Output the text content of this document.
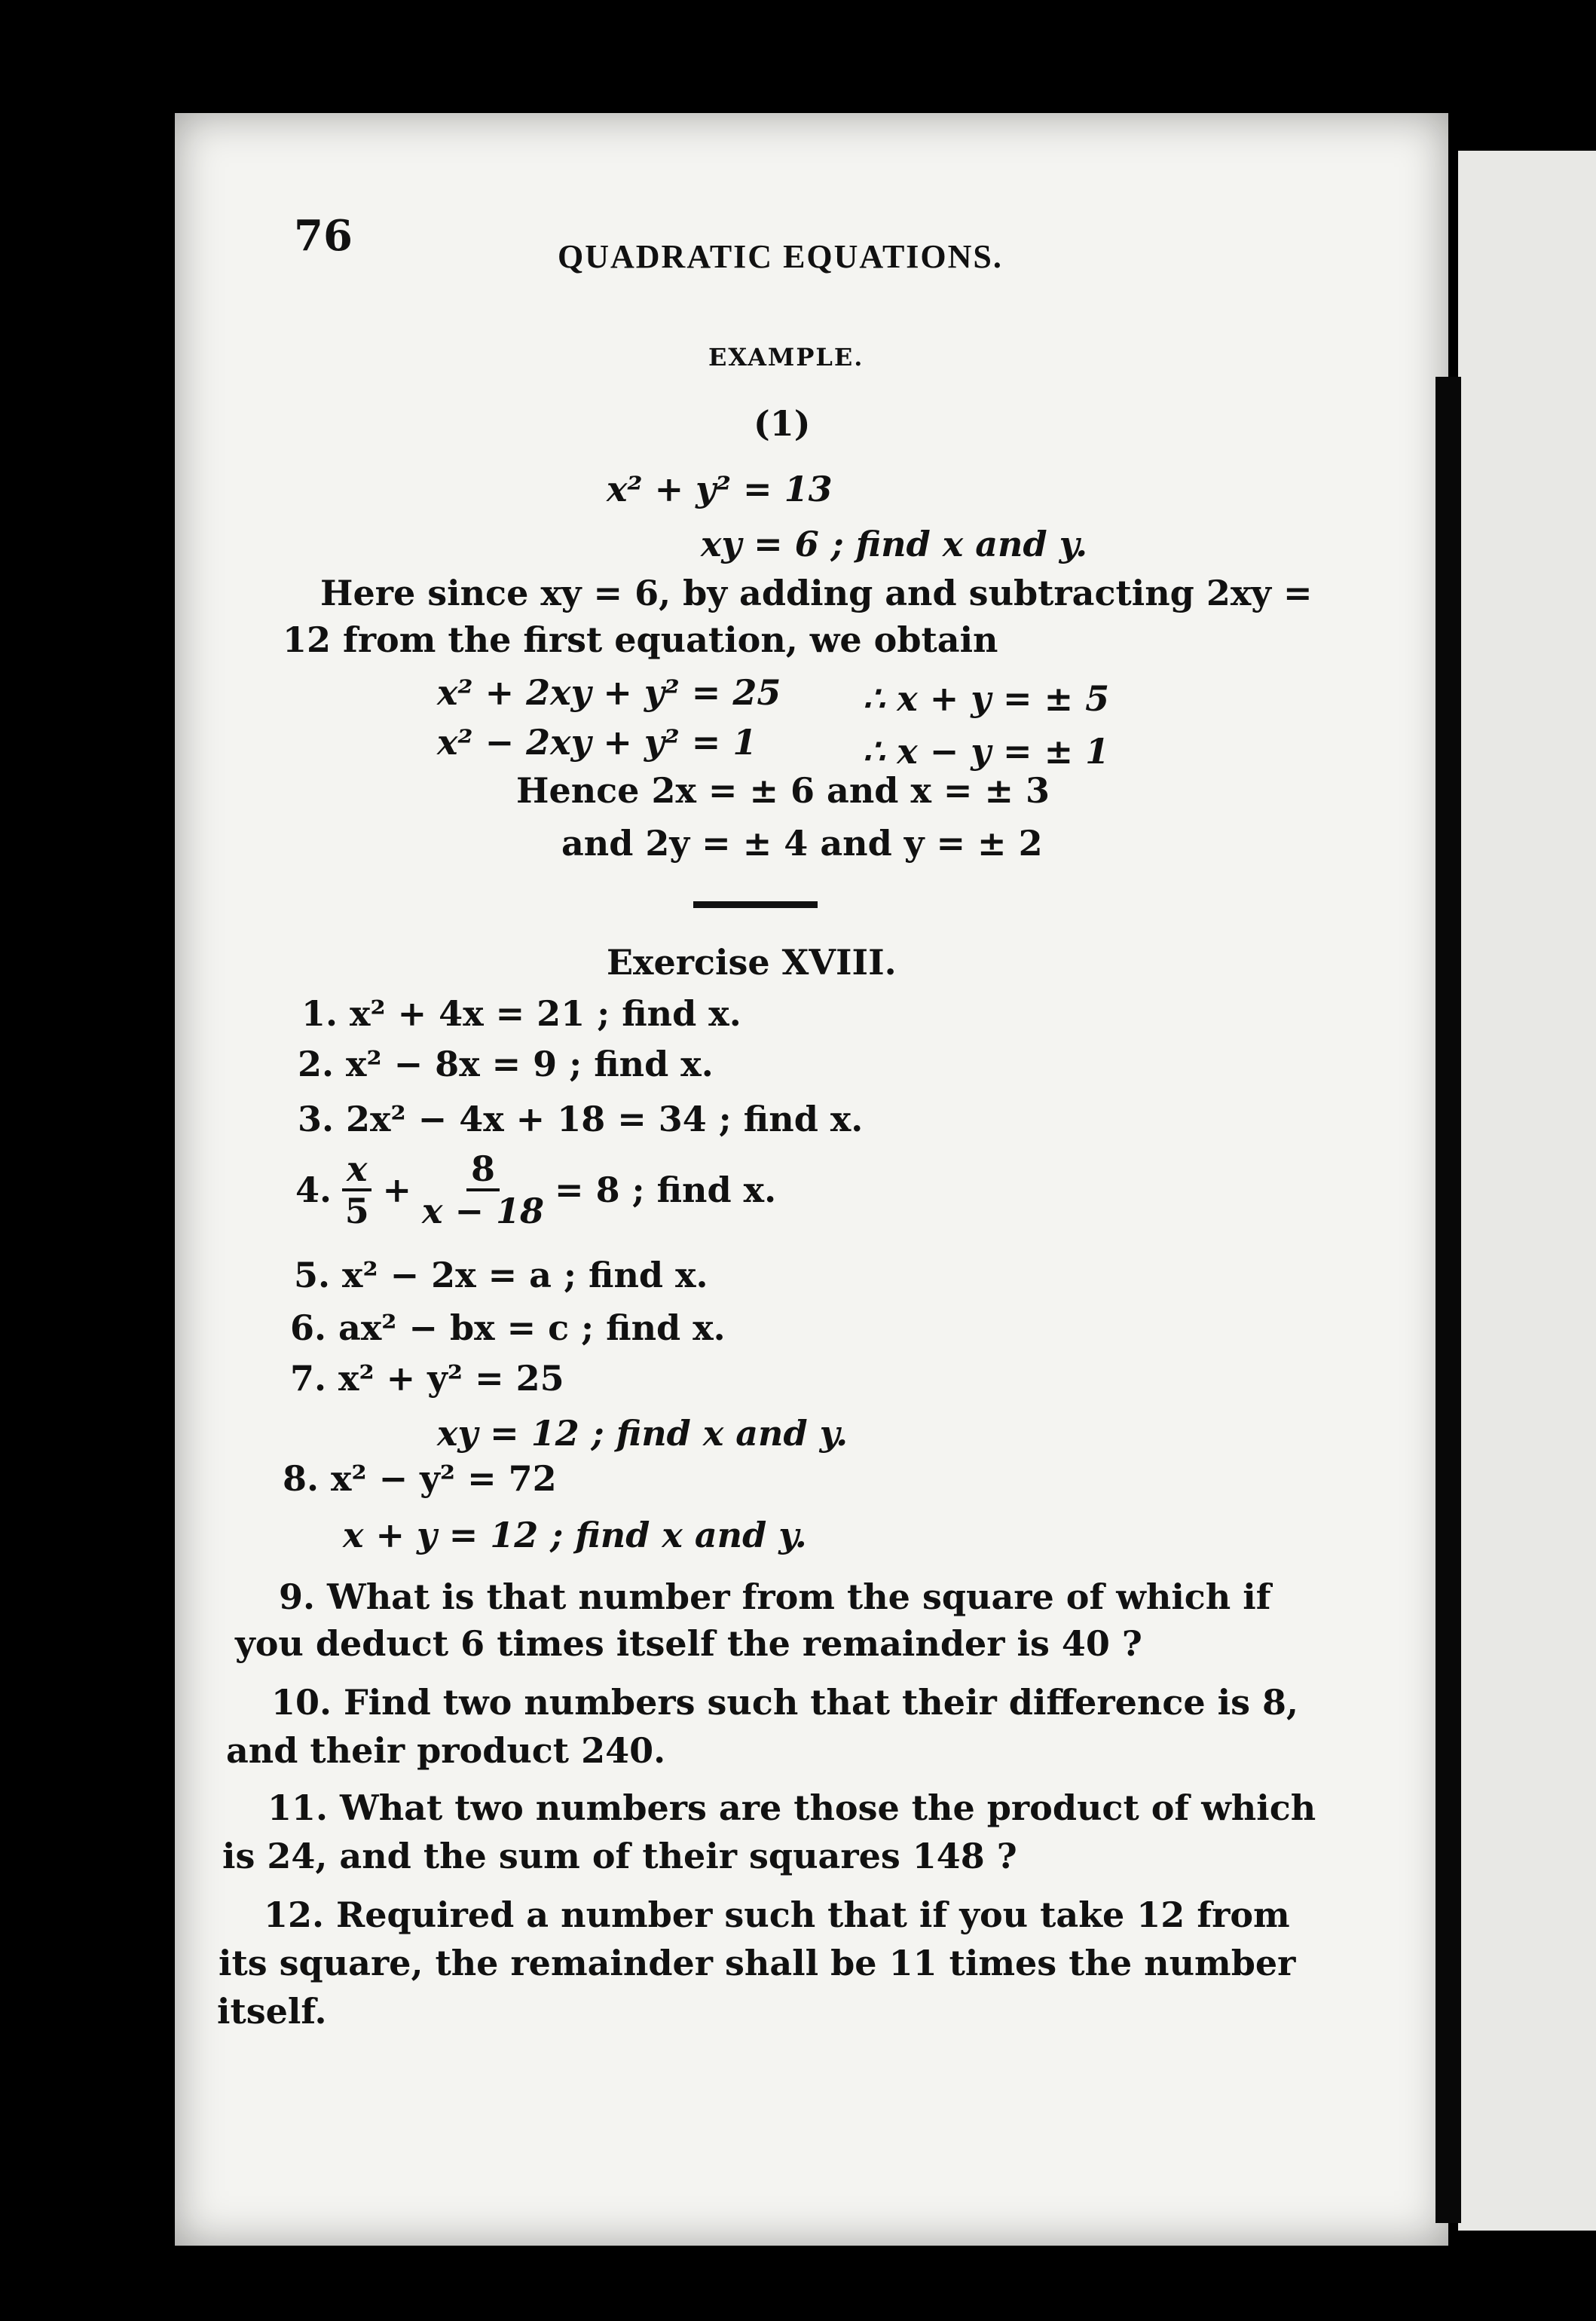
76	QUADRATIC EQUATIONS.
EXAMPLE.
(1)
x² + y² = 13
xy = 6 ; find x and y.
Here since xy = 6, by adding and subtracting 2xy =
12 from the first equation, we obtain
x² + 2xy + y² = 25 ∴ x + y = ± 5
x² − 2xy + y² = 1	∴ x − y = ± 1
Hence 2x = ± 6 and x = ± 3
and 2y = ± 4 and y = ± 2
Exercise XVIII.
1. x² + 4x = 21 ; find x.
2. x² − 8x = 9 ; find x.
3. 2x² − 4x + 18 = 34 ; find x.
4. $\frac{x}{5} + \frac{8}{x - 18} = 8$ ; find x.
5. x² − 2x = a ; find x.
6. ax² − bx = c ; find x.
7. x² + y² = 25
xy = 12 ; find x and y.
8. x² − y² = 72
x + y = 12 ; find x and y.
9. What is that number from the square of which if
you deduct 6 times itself the remainder is 40 ?
10. Find two numbers such that their difference is 8,
and their product 240.
11. What two numbers are those the product of which
is 24, and the sum of their squares 148 ?
12. Required a number such that if you take 12 from
its square, the remainder shall be 11 times the number
itself.
